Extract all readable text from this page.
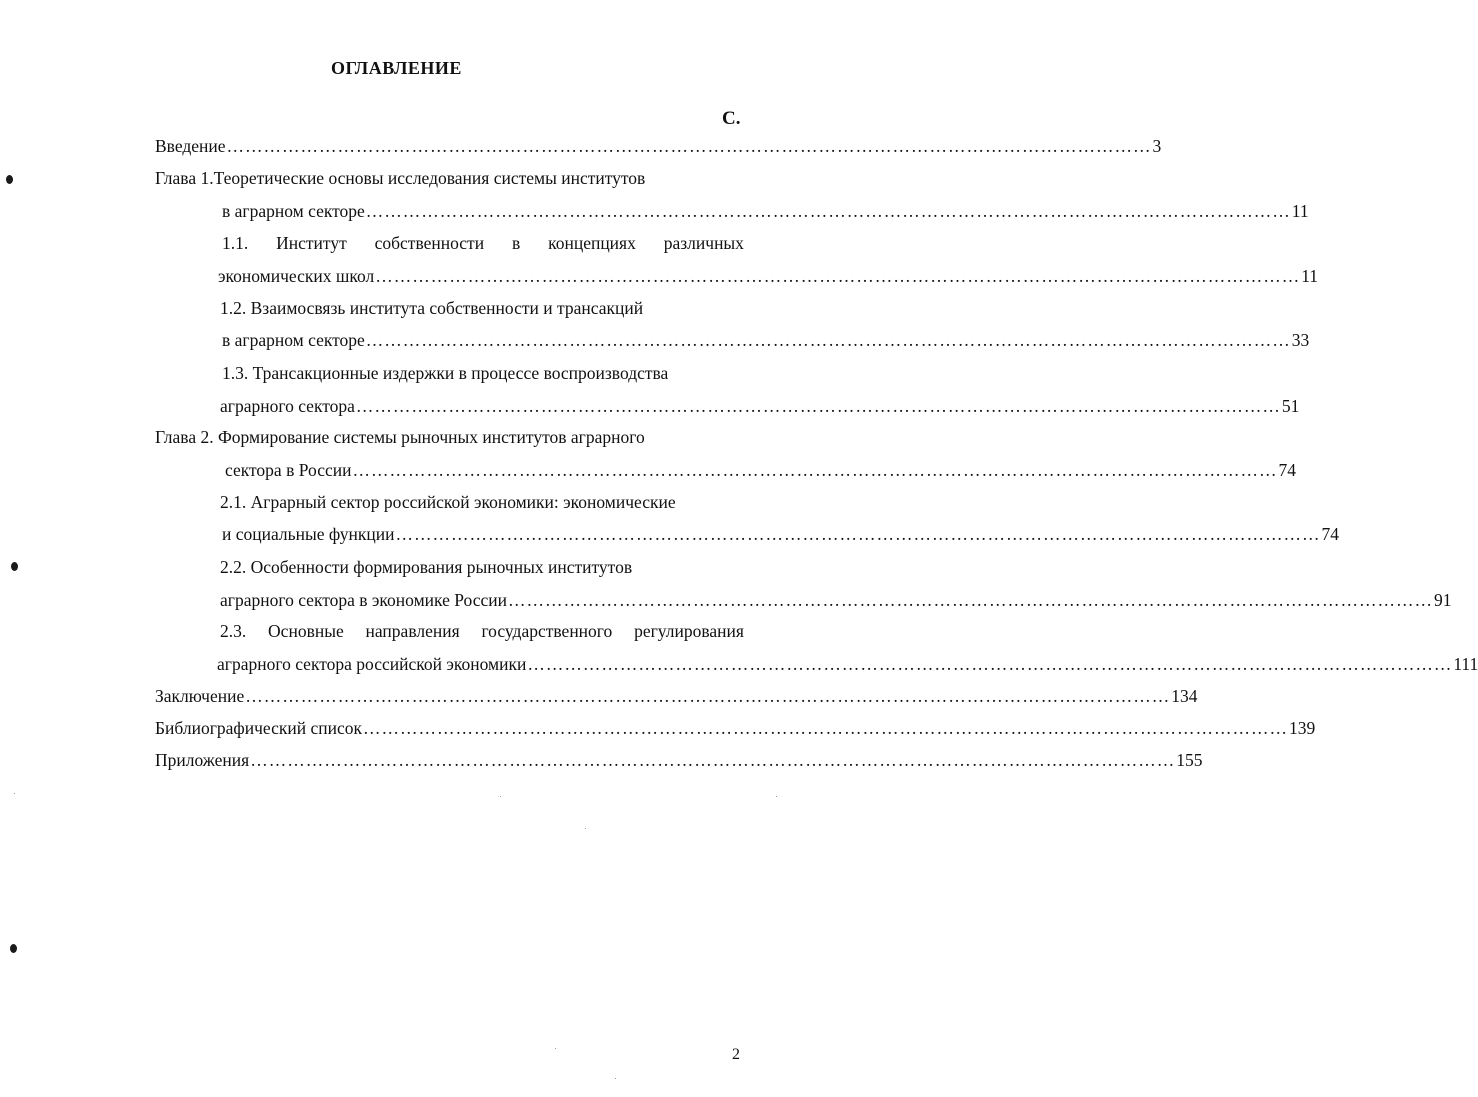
ОГЛАВЛЕНИЕ
С.
Введение …………………………………………………………………………………………………………………………………… 3
Глава 1.Теоретические основы исследования системы институтов
в аграрном секторе …………………………………………………………………………………………………………………………………… 11
1.1. Институт собственности в концепциях различных
экономических школ …………………………………………………………………………………………………………………………………… 11
1.2. Взаимосвязь института собственности и трансакций
в аграрном секторе …………………………………………………………………………………………………………………………………… 33
1.3. Трансакционные издержки в процессе воспроизводства
аграрного сектора …………………………………………………………………………………………………………………………………… 51
Глава 2. Формирование системы рыночных институтов аграрного
сектора в России …………………………………………………………………………………………………………………………………… 74
2.1. Аграрный сектор российской экономики: экономические
и социальные функции …………………………………………………………………………………………………………………………………… 74
2.2. Особенности формирования рыночных институтов
аграрного сектора в экономике России …………………………………………………………………………………………………………………………………… 91
2.3. Основные направления государственного регулирования
аграрного сектора российской экономики …………………………………………………………………………………………………………………………………… 111
Заключение …………………………………………………………………………………………………………………………………… 134
Библиографический список …………………………………………………………………………………………………………………………………… 139
Приложения …………………………………………………………………………………………………………………………………… 155
2
